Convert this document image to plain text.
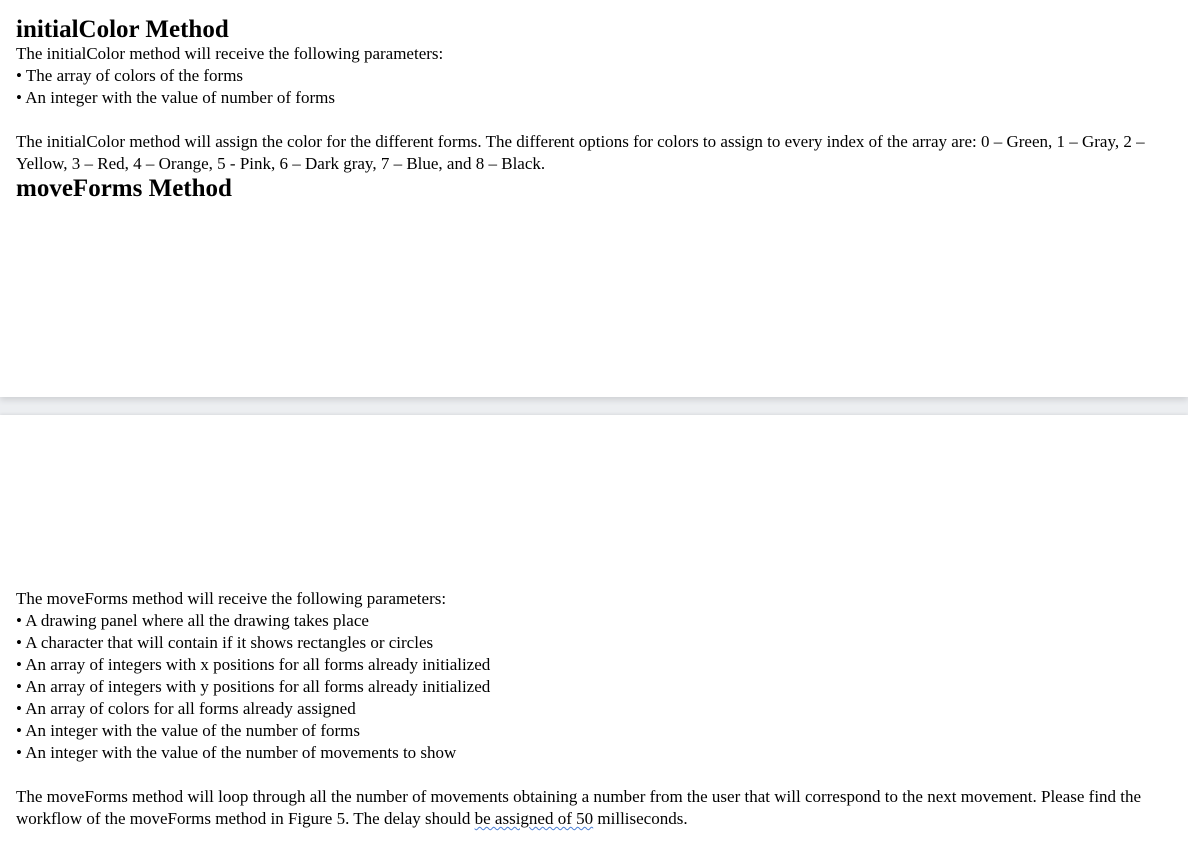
initialColor Method

The initialColor method will receive the following parameters:

• The array of colors of the forms

• An integer with the value of number of forms

The initialColor method will assign the color for the different forms. The different options for colors to assign to every index of the array are: 0 – Green, 1 – Gray, 2 – Yellow, 3 – Red, 4 – Orange, 5 - Pink, 6 – Dark gray, 7 – Blue, and 8 – Black.

moveForms Method

The moveForms method will receive the following parameters:

• A drawing panel where all the drawing takes place

• A character that will contain if it shows rectangles or circles

• An array of integers with x positions for all forms already initialized

• An array of integers with y positions for all forms already initialized

• An array of colors for all forms already assigned

• An integer with the value of the number of forms

• An integer with the value of the number of movements to show

The moveForms method will loop through all the number of movements obtaining a number from the user that will correspond to the next movement. Please find the workflow of the moveForms method in Figure 5. The delay should be assigned of 50 milliseconds.
